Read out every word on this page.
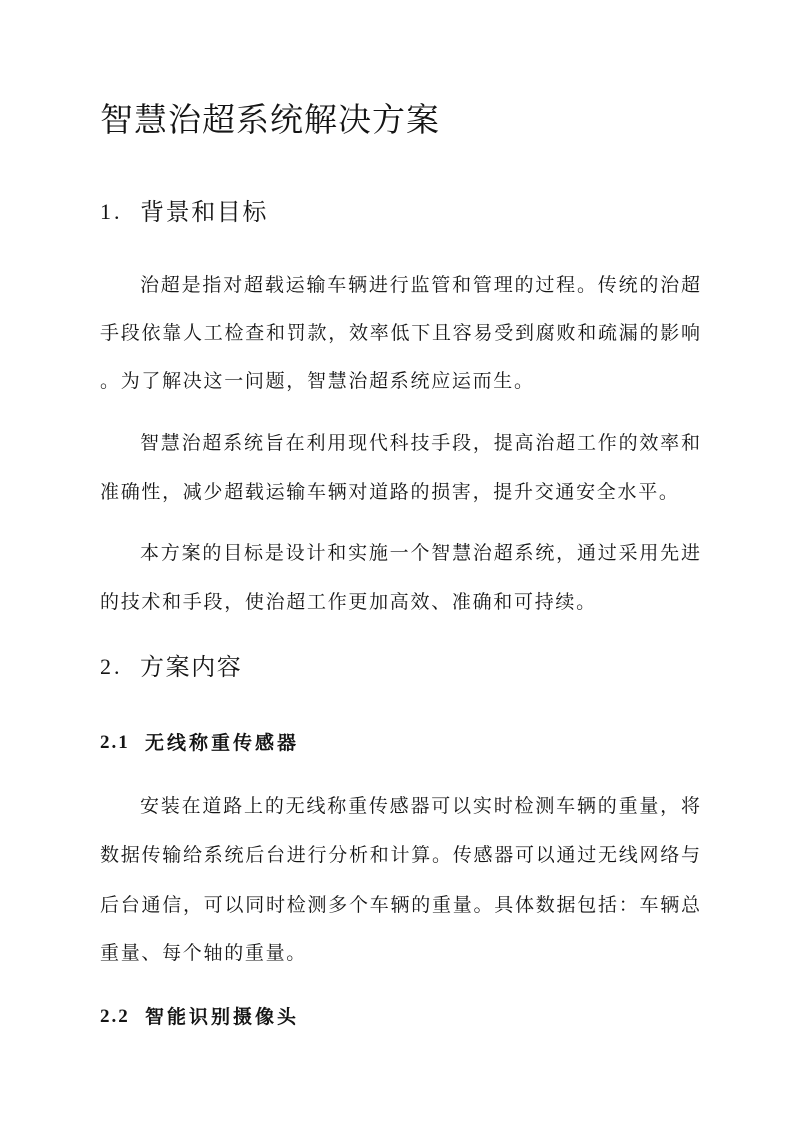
智慧治超系统解决方案
1. 背景和目标
治超是指对超载运输车辆进行监管和管理的过程。传统的治超
手段依靠人工检查和罚款，效率低下且容易受到腐败和疏漏的影响
。为了解决这一问题，智慧治超系统应运而生。
智慧治超系统旨在利用现代科技手段，提高治超工作的效率和
准确性，减少超载运输车辆对道路的损害，提升交通安全水平。
本方案的目标是设计和实施一个智慧治超系统，通过采用先进
的技术和手段，使治超工作更加高效、准确和可持续。
2. 方案内容
2.1 无线称重传感器
安装在道路上的无线称重传感器可以实时检测车辆的重量，将
数据传输给系统后台进行分析和计算。传感器可以通过无线网络与
后台通信，可以同时检测多个车辆的重量。具体数据包括：车辆总
重量、每个轴的重量。
2.2 智能识别摄像头
